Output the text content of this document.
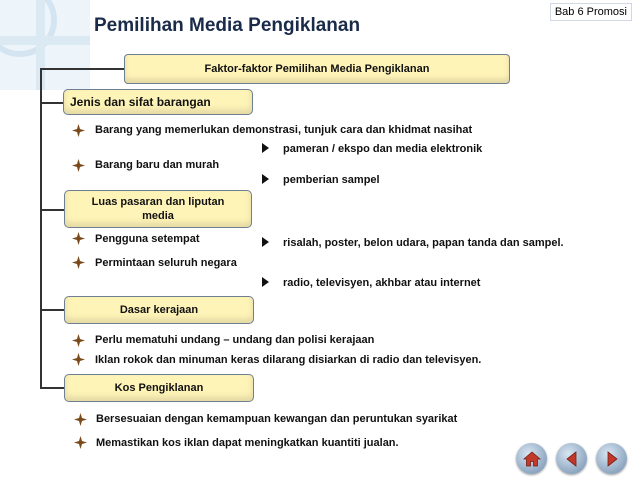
Bab 6 Promosi
Pemilihan Media Pengiklanan
Faktor-faktor Pemilihan Media Pengiklanan
Jenis dan sifat barangan
Luas pasaran dan liputan media
Dasar kerajaan
Kos Pengiklanan
Barang yang memerlukan demonstrasi, tunjuk cara dan khidmat nasihat
Barang baru dan murah
Pengguna setempat
Permintaan seluruh negara
Perlu mematuhi undang – undang dan polisi kerajaan
Iklan rokok dan minuman keras dilarang disiarkan di radio dan televisyen.
Bersesuaian dengan kemampuan kewangan dan peruntukan syarikat
Memastikan kos iklan dapat meningkatkan kuantiti jualan.
pameran / ekspo dan media elektronik
pemberian sampel
risalah, poster, belon udara, papan tanda dan sampel.
radio, televisyen, akhbar atau internet
